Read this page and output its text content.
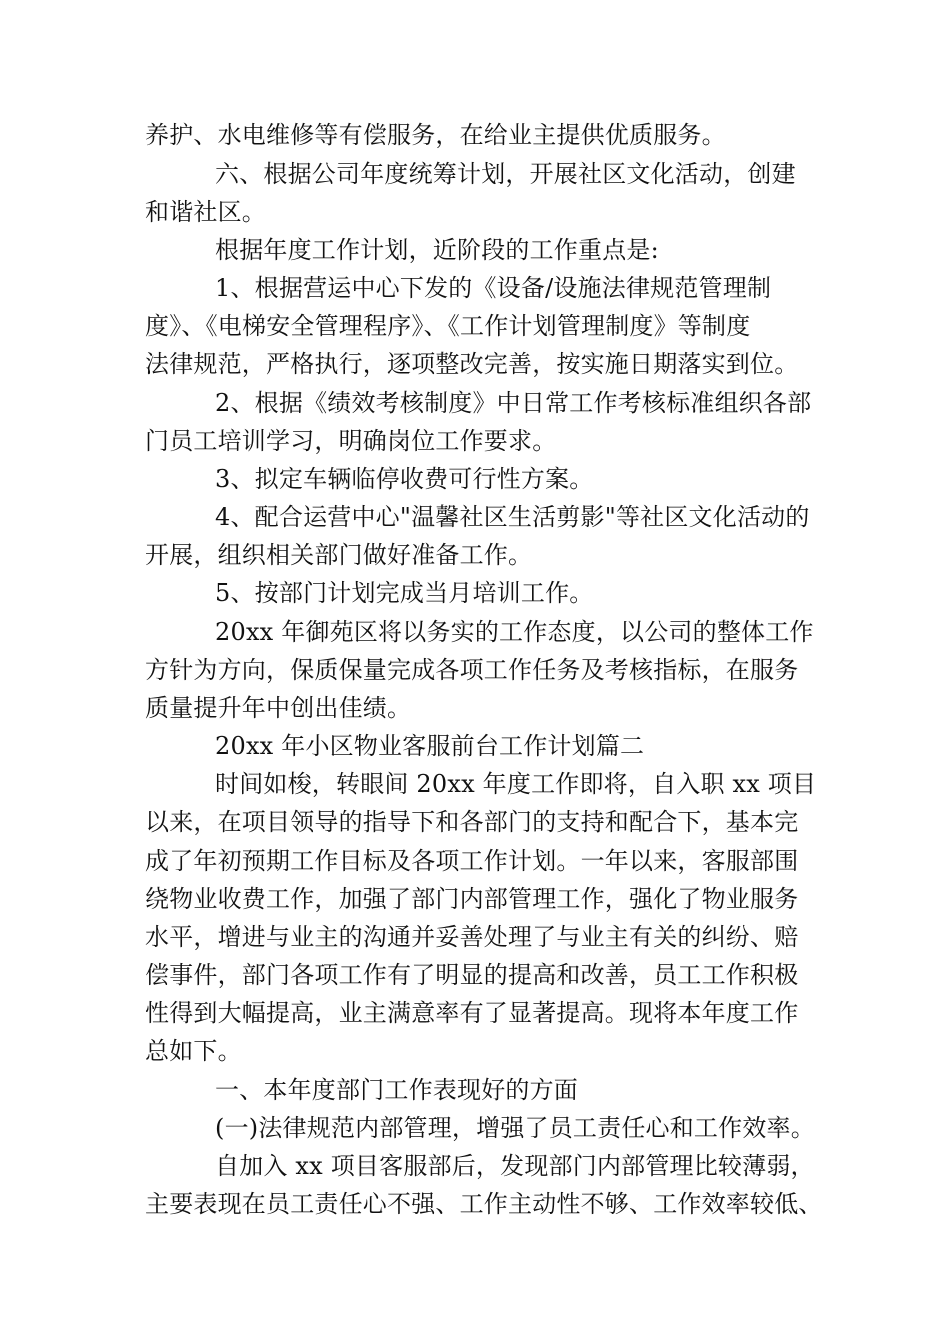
养护、水电维修等有偿服务，在给业主提供优质服务。
六、根据公司年度统筹计划，开展社区文化活动，创建
和谐社区。
根据年度工作计划，近阶段的工作重点是:
1、根据营运中心下发的《设备/设施法律规范管理制
度》、《电梯安全管理程序》、《工作计划管理制度》等制度
法律规范，严格执行，逐项整改完善，按实施日期落实到位。
2、根据《绩效考核制度》中日常工作考核标准组织各部
门员工培训学习，明确岗位工作要求。
3、拟定车辆临停收费可行性方案。
4、配合运营中心"温馨社区生活剪影"等社区文化活动的
开展，组织相关部门做好准备工作。
5、按部门计划完成当月培训工作。
20xx 年御苑区将以务实的工作态度，以公司的整体工作
方针为方向，保质保量完成各项工作任务及考核指标，在服务
质量提升年中创出佳绩。
20xx 年小区物业客服前台工作计划篇二
时间如梭，转眼间 20xx 年度工作即将，自入职 xx 项目
以来，在项目领导的指导下和各部门的支持和配合下，基本完
成了年初预期工作目标及各项工作计划。一年以来，客服部围
绕物业收费工作，加强了部门内部管理工作，强化了物业服务
水平，增进与业主的沟通并妥善处理了与业主有关的纠纷、赔
偿事件，部门各项工作有了明显的提高和改善，员工工作积极
性得到大幅提高，业主满意率有了显著提高。现将本年度工作
总如下。
一、本年度部门工作表现好的方面
(一)法律规范内部管理，增强了员工责任心和工作效率。
自加入 xx 项目客服部后，发现部门内部管理比较薄弱，
主要表现在员工责任心不强、工作主动性不够、工作效率较低、
